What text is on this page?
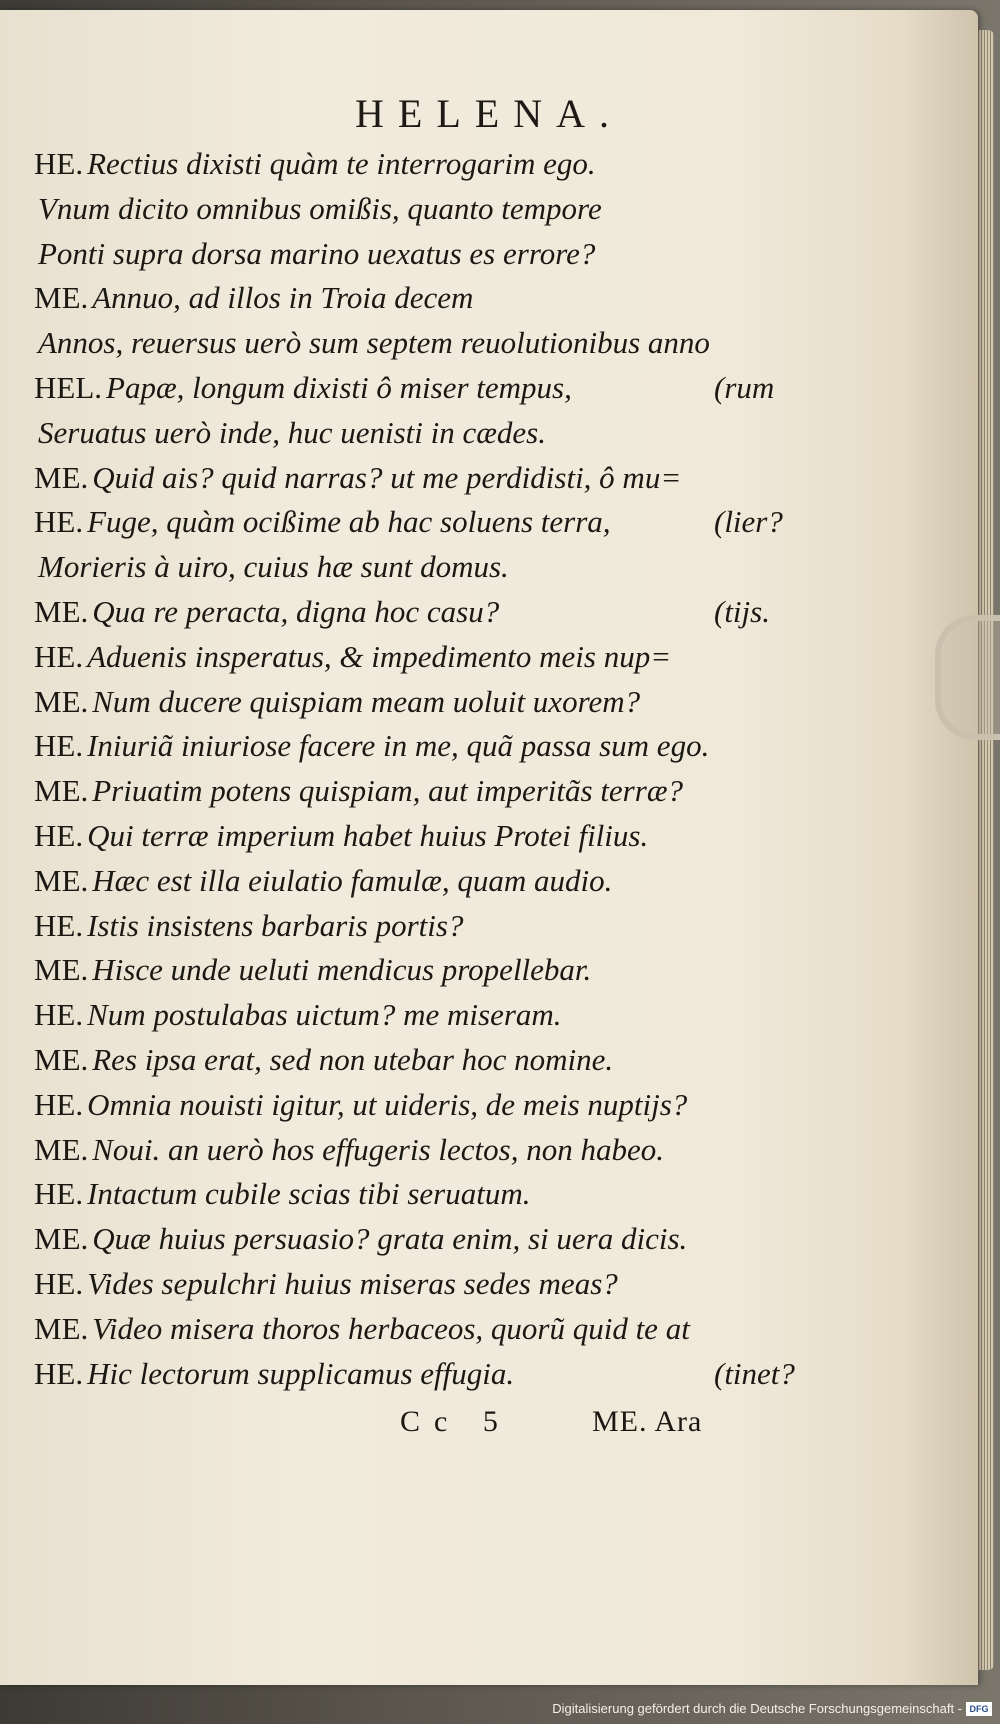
HELENA.
HE. Rectius dixisti quàm te interrogarim ego.
Vnum dicito omnibus omißis, quanto tempore
Ponti supra dorsa marino uexatus es errore?
ME. Annuo, ad illos in Troia decem
Annos, reuersus uerò sum septem reuolutionibus anno
HEL. Papæ, longum dixisti ô miser tempus,	(rum
Seruatus uerò inde, huc uenisti in cædes.
ME. Quid ais? quid narras? ut me perdidisti, ô mu=
HE. Fuge, quàm ocißime ab hac soluens terra,	(lier?
Morieris à uiro, cuius hæ sunt domus.
ME. Qua re peracta, digna hoc casu?	(tijs.
HE. Aduenis insperatus, & impedimento meis nup=
ME. Num ducere quispiam meam uoluit uxorem?
HE. Iniuriã iniuriose facere in me, quã passa sum ego.
ME. Priuatim potens quispiam, aut imperitãs terræ?
HE. Qui terræ imperium habet huius Protei filius.
ME. Hæc est illa eiulatio famulæ, quam audio.
HE. Istis insistens barbaris portis?
ME. Hisce unde ueluti mendicus propellebar.
HE. Num postulabas uictum? me miseram.
ME. Res ipsa erat, sed non utebar hoc nomine.
HE. Omnia nouisti igitur, ut uideris, de meis nuptijs?
ME. Noui. an uerò hos effugeris lectos, non habeo.
HE. Intactum cubile scias tibi seruatum.
ME. Quæ huius persuasio? grata enim, si uera dicis.
HE. Vides sepulchri huius miseras sedes meas?
ME. Video misera thoros herbaceos, quorũ quid te at
HE. Hic lectorum supplicamus effugia.	(tinet?
Cc 5	ME. Ara
Digitalisierung gefördert durch die Deutsche Forschungsgemeinschaft - DFG
